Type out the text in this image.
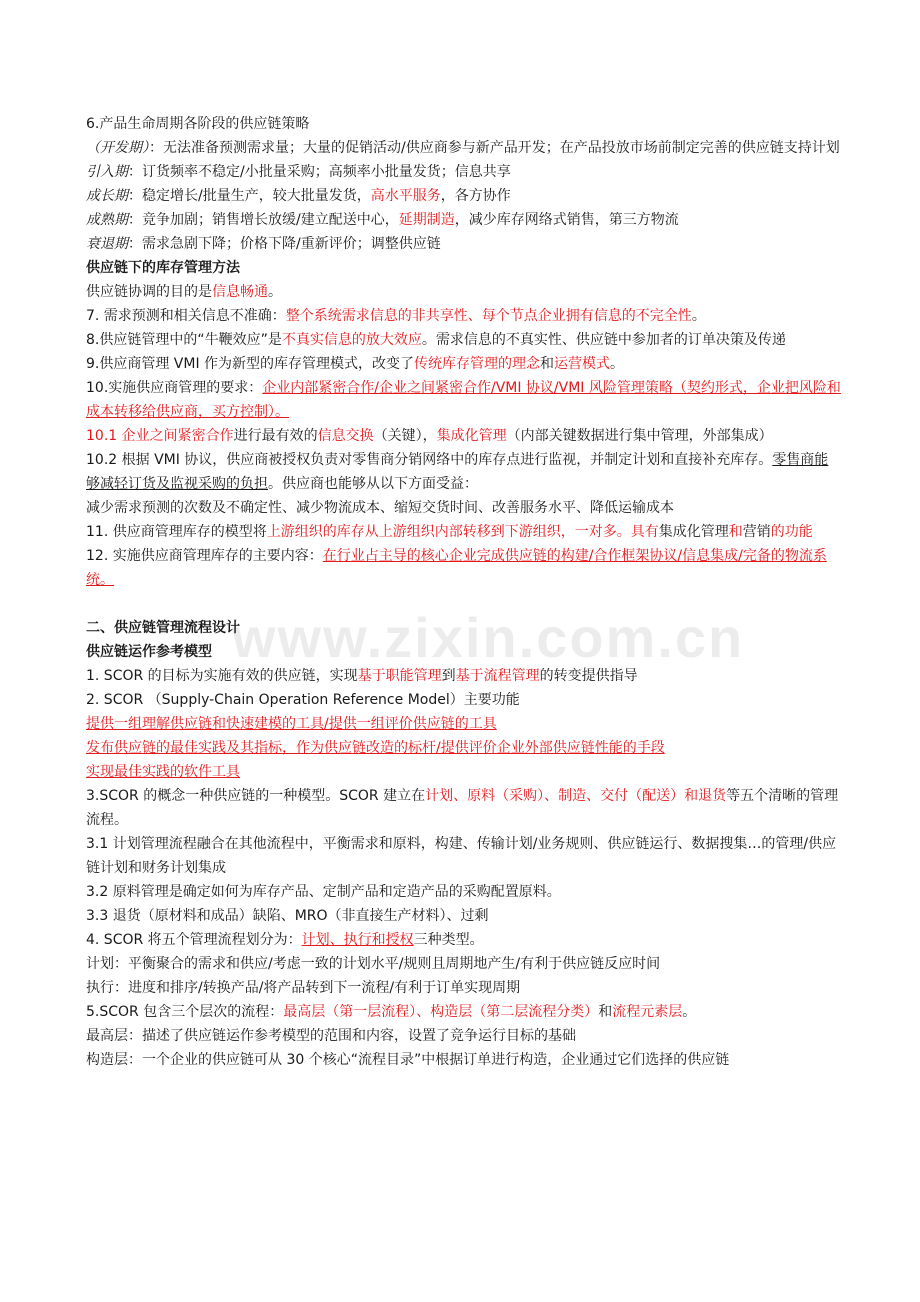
www.zixin.com.cn
6.产品生命周期各阶段的供应链策略
（开发期）：无法准备预测需求量；大量的促销活动/供应商参与新产品开发；在产品投放市场前制定完善的供应链支持计划
引入期：订货频率不稳定/小批量采购；高频率小批量发货；信息共享
成长期：稳定增长/批量生产，较大批量发货，高水平服务，各方协作
成熟期：竞争加剧；销售增长放缓/建立配送中心，延期制造，减少库存网络式销售，第三方物流
衰退期：需求急剧下降；价格下降/重新评价；调整供应链
供应链下的库存管理方法
供应链协调的目的是信息畅通。
7. 需求预测和相关信息不准确：整个系统需求信息的非共享性、每个节点企业拥有信息的不完全性。
8.供应链管理中的“牛鞭效应”是不真实信息的放大效应。需求信息的不真实性、供应链中参加者的订单决策及传递
9.供应商管理 VMI 作为新型的库存管理模式，改变了传统库存管理的理念和运营模式。
10.实施供应商管理的要求：企业内部紧密合作/企业之间紧密合作/VMI 协议/VMI 风险管理策略（契约形式，企业把风险和成本转移给供应商，买方控制）。
10.1 企业之间紧密合作进行最有效的信息交换（关键），集成化管理（内部关键数据进行集中管理，外部集成）
10.2 根据 VMI 协议，供应商被授权负责对零售商分销网络中的库存点进行监视，并制定计划和直接补充库存。零售商能够减轻订货及监视采购的负担。供应商也能够从以下方面受益：
减少需求预测的次数及不确定性、减少物流成本、缩短交货时间、改善服务水平、降低运输成本
11. 供应商管理库存的模型将上游组织的库存从上游组织内部转移到下游组织，一对多。具有集成化管理和营销的功能
12. 实施供应商管理库存的主要内容：在行业占主导的核心企业完成供应链的构建/合作框架协议/信息集成/完备的物流系统。
二、供应链管理流程设计
供应链运作参考模型
1. SCOR 的目标为实施有效的供应链，实现基于职能管理到基于流程管理的转变提供指导
2. SCOR （Supply-Chain Operation Reference Model）主要功能
提供一组理解供应链和快速建模的工具/提供一组评价供应链的工具
发布供应链的最佳实践及其指标，作为供应链改造的标杆/提供评价企业外部供应链性能的手段
实现最佳实践的软件工具
3.SCOR 的概念一种供应链的一种模型。SCOR 建立在计划、原料（采购）、制造、交付（配送）和退货等五个清晰的管理流程。
3.1 计划管理流程融合在其他流程中，平衡需求和原料，构建、传输计划/业务规则、供应链运行、数据搜集…的管理/供应链计划和财务计划集成
3.2 原料管理是确定如何为库存产品、定制产品和定造产品的采购配置原料。
3.3 退货（原材料和成品）缺陷、MRO（非直接生产材料）、过剩
4. SCOR 将五个管理流程划分为：计划、执行和授权三种类型。
计划：平衡聚合的需求和供应/考虑一致的计划水平/规则且周期地产生/有利于供应链反应时间
执行：进度和排序/转换产品/将产品转到下一流程/有利于订单实现周期
5.SCOR 包含三个层次的流程：最高层（第一层流程）、构造层（第二层流程分类）和流程元素层。
最高层：描述了供应链运作参考模型的范围和内容，设置了竞争运行目标的基础
构造层：一个企业的供应链可从 30 个核心“流程目录”中根据订单进行构造，企业通过它们选择的供应链
